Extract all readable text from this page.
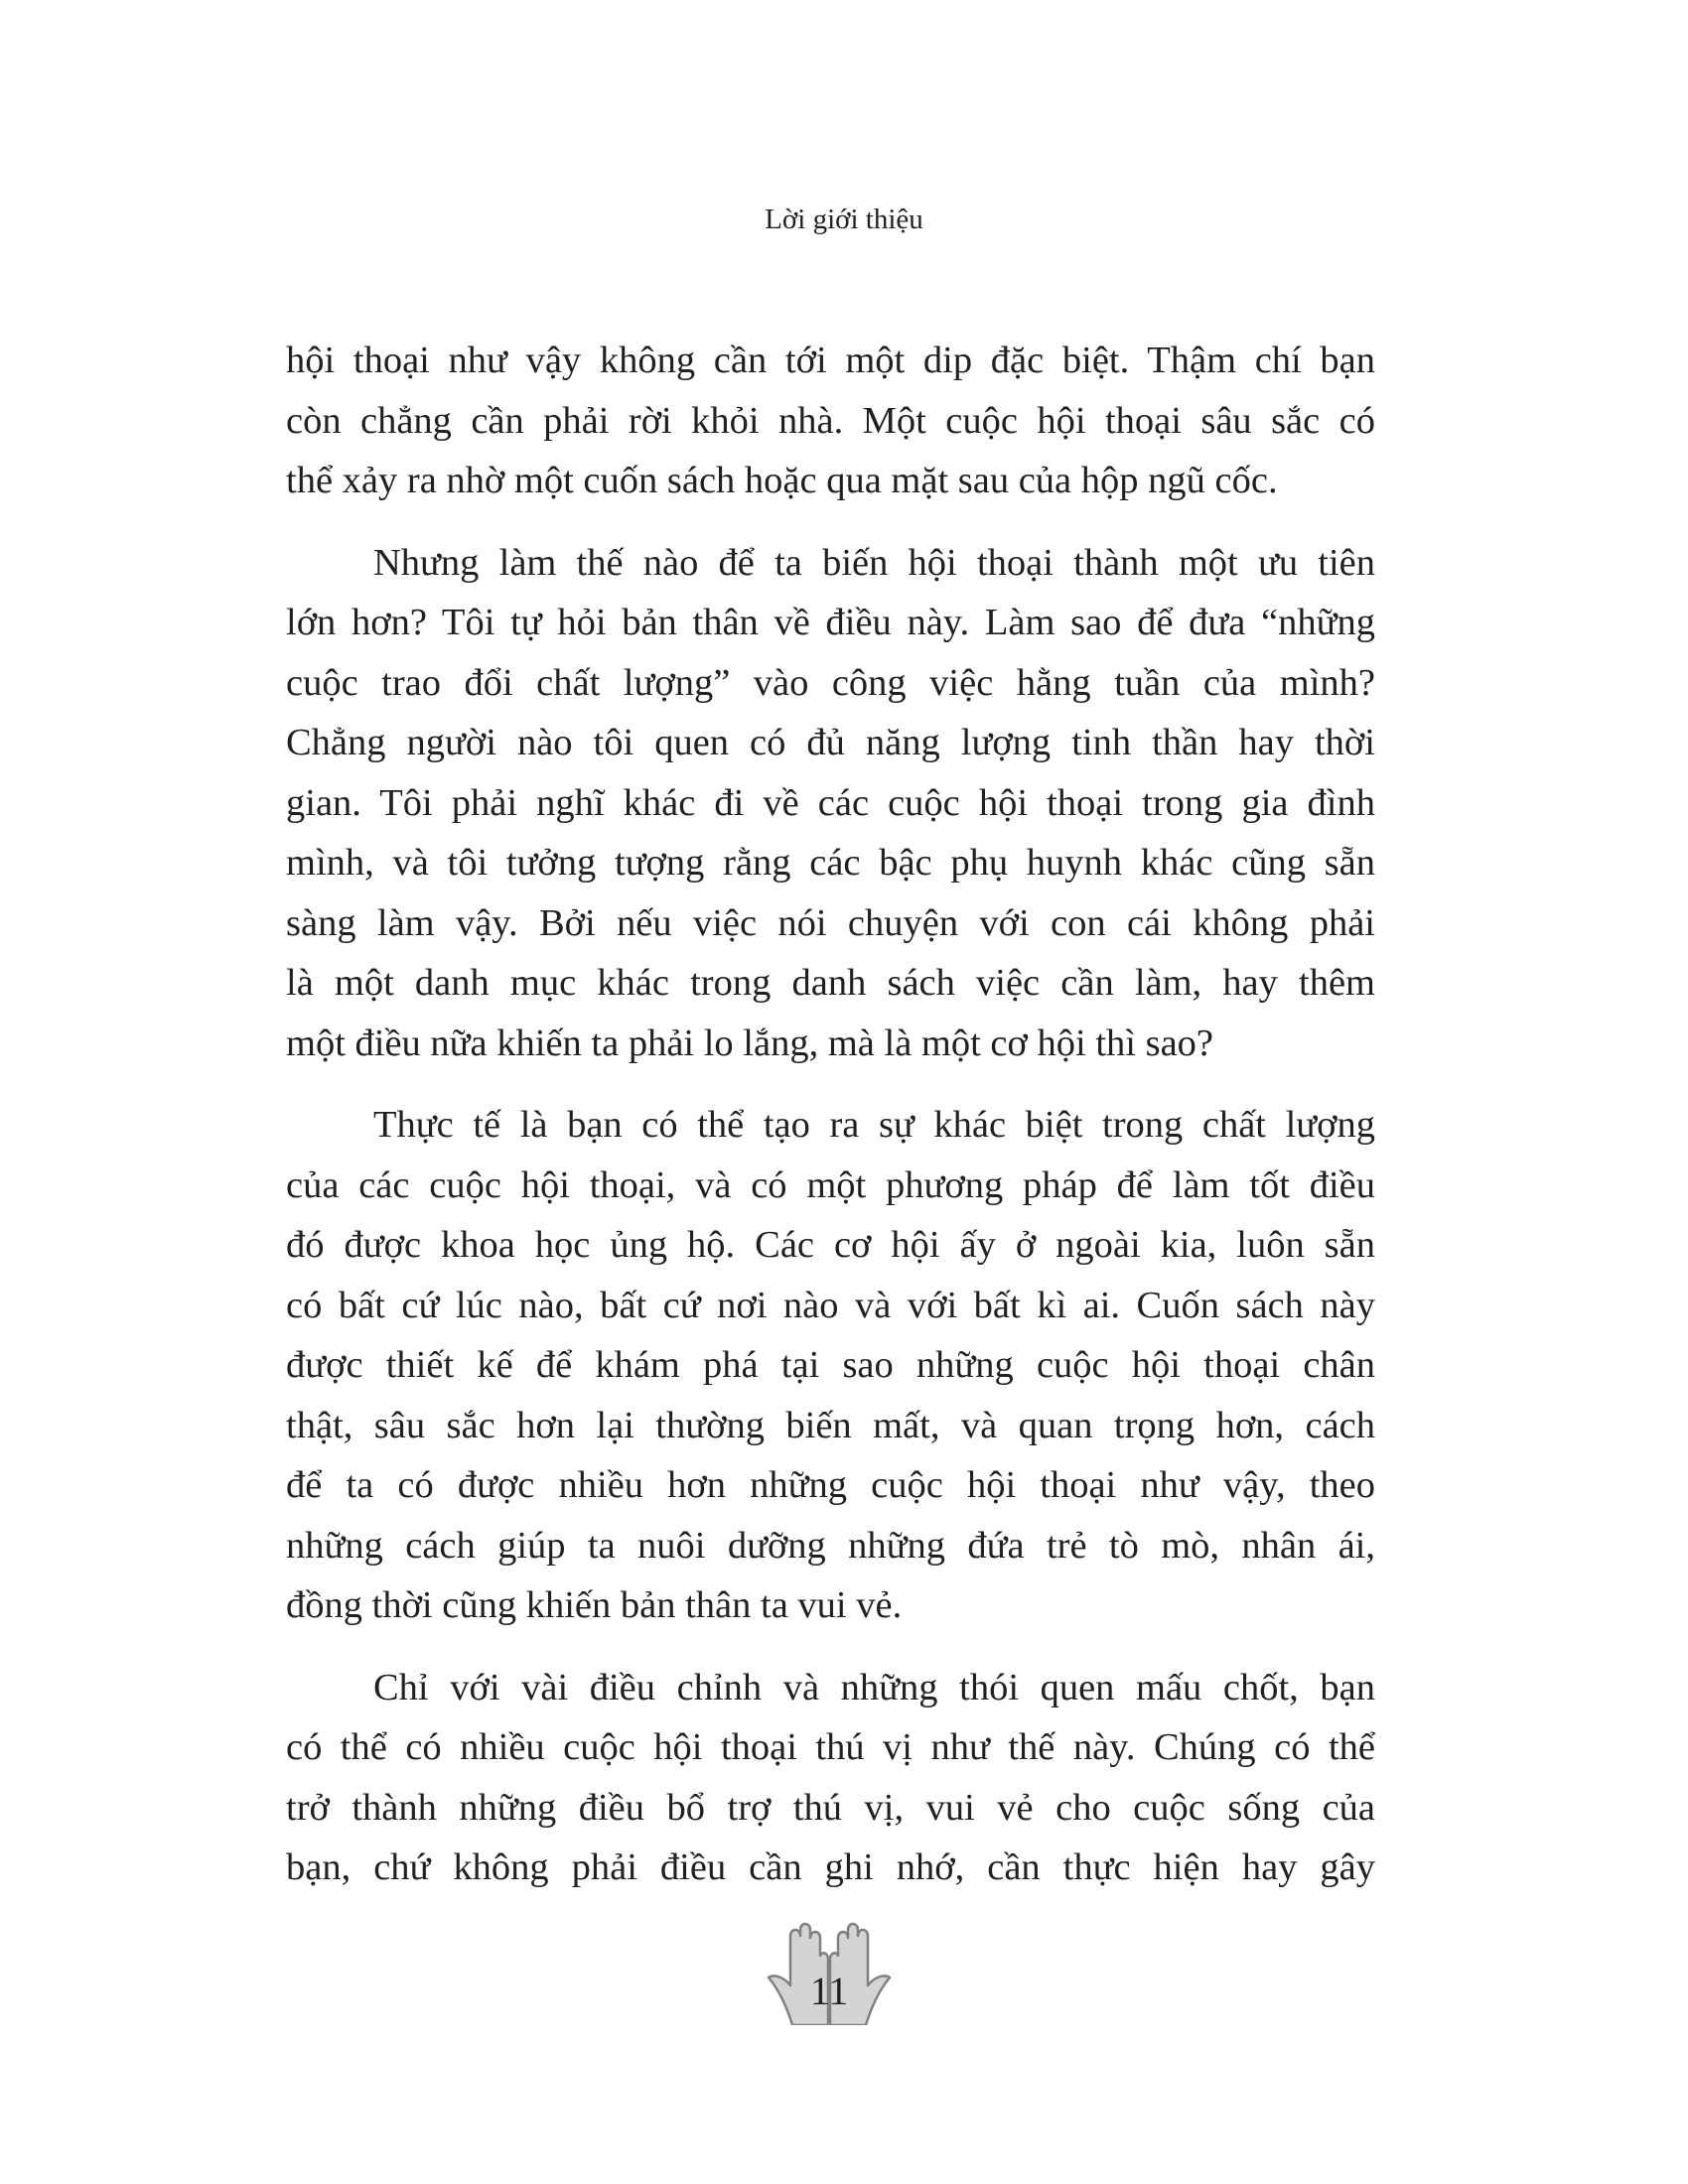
Lời giới thiệu
hội thoại như vậy không cần tới một dip đặc biệt. Thậm chí bạn
còn chẳng cần phải rời khỏi nhà. Một cuộc hội thoại sâu sắc có
thể xảy ra nhờ một cuốn sách hoặc qua mặt sau của hộp ngũ cốc.
Nhưng làm thế nào để ta biến hội thoại thành một ưu tiên
lớn hơn? Tôi tự hỏi bản thân về điều này. Làm sao để đưa “những
cuộc trao đổi chất lượng” vào công việc hằng tuần của mình?
Chẳng người nào tôi quen có đủ năng lượng tinh thần hay thời
gian. Tôi phải nghĩ khác đi về các cuộc hội thoại trong gia đình
mình, và tôi tưởng tượng rằng các bậc phụ huynh khác cũng sẵn
sàng làm vậy. Bởi nếu việc nói chuyện với con cái không phải
là một danh mục khác trong danh sách việc cần làm, hay thêm
một điều nữa khiến ta phải lo lắng, mà là một cơ hội thì sao?
Thực tế là bạn có thể tạo ra sự khác biệt trong chất lượng
của các cuộc hội thoại, và có một phương pháp để làm tốt điều
đó được khoa học ủng hộ. Các cơ hội ấy ở ngoài kia, luôn sẵn
có bất cứ lúc nào, bất cứ nơi nào và với bất kì ai. Cuốn sách này
được thiết kế để khám phá tại sao những cuộc hội thoại chân
thật, sâu sắc hơn lại thường biến mất, và quan trọng hơn, cách
để ta có được nhiều hơn những cuộc hội thoại như vậy, theo
những cách giúp ta nuôi dưỡng những đứa trẻ tò mò, nhân ái,
đồng thời cũng khiến bản thân ta vui vẻ.
Chỉ với vài điều chỉnh và những thói quen mấu chốt, bạn
có thể có nhiều cuộc hội thoại thú vị như thế này. Chúng có thể
trở thành những điều bổ trợ thú vị, vui vẻ cho cuộc sống của
bạn, chứ không phải điều cần ghi nhớ, cần thực hiện hay gây
11
